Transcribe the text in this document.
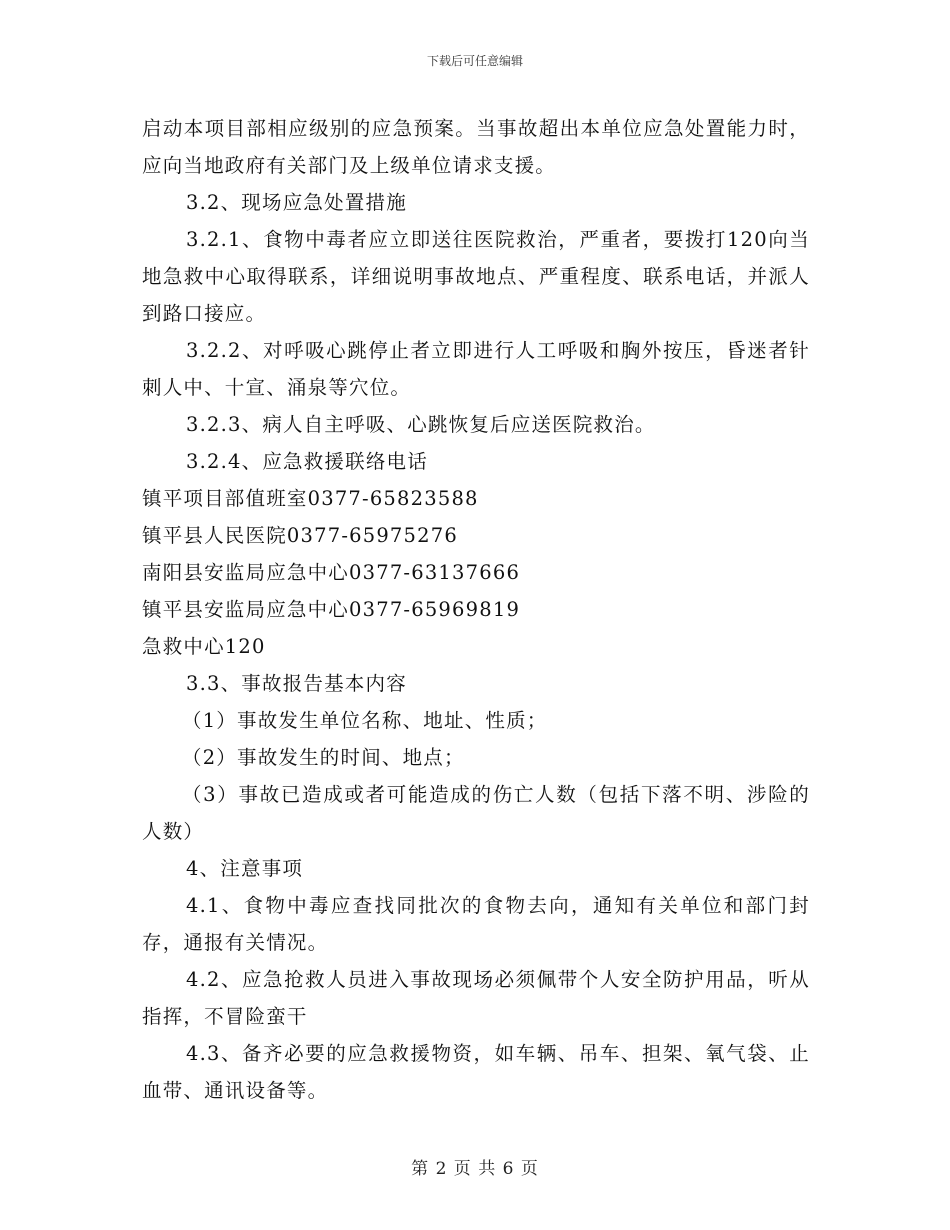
下载后可任意编辑

启动本项目部相应级别的应急预案。当事故超出本单位应急处置能力时，应向当地政府有关部门及上级单位请求支援。

3.2、现场应急处置措施

3.2.1、食物中毒者应立即送往医院救治，严重者，要拨打120向当地急救中心取得联系，详细说明事故地点、严重程度、联系电话，并派人到路口接应。

3.2.2、对呼吸心跳停止者立即进行人工呼吸和胸外按压，昏迷者针刺人中、十宣、涌泉等穴位。

3.2.3、病人自主呼吸、心跳恢复后应送医院救治。

3.2.4、应急救援联络电话

镇平项目部值班室0377-65823588

镇平县人民医院0377-65975276

南阳县安监局应急中心0377-63137666

镇平县安监局应急中心0377-65969819

急救中心120

3.3、事故报告基本内容

（1）事故发生单位名称、地址、性质；

（2）事故发生的时间、地点；

（3）事故已造成或者可能造成的伤亡人数（包括下落不明、涉险的人数）

4、注意事项

4.1、食物中毒应查找同批次的食物去向，通知有关单位和部门封存，通报有关情况。

4.2、应急抢救人员进入事故现场必须佩带个人安全防护用品，听从指挥，不冒险蛮干

4.3、备齐必要的应急救援物资，如车辆、吊车、担架、氧气袋、止血带、通讯设备等。

第 2 页 共 6 页
